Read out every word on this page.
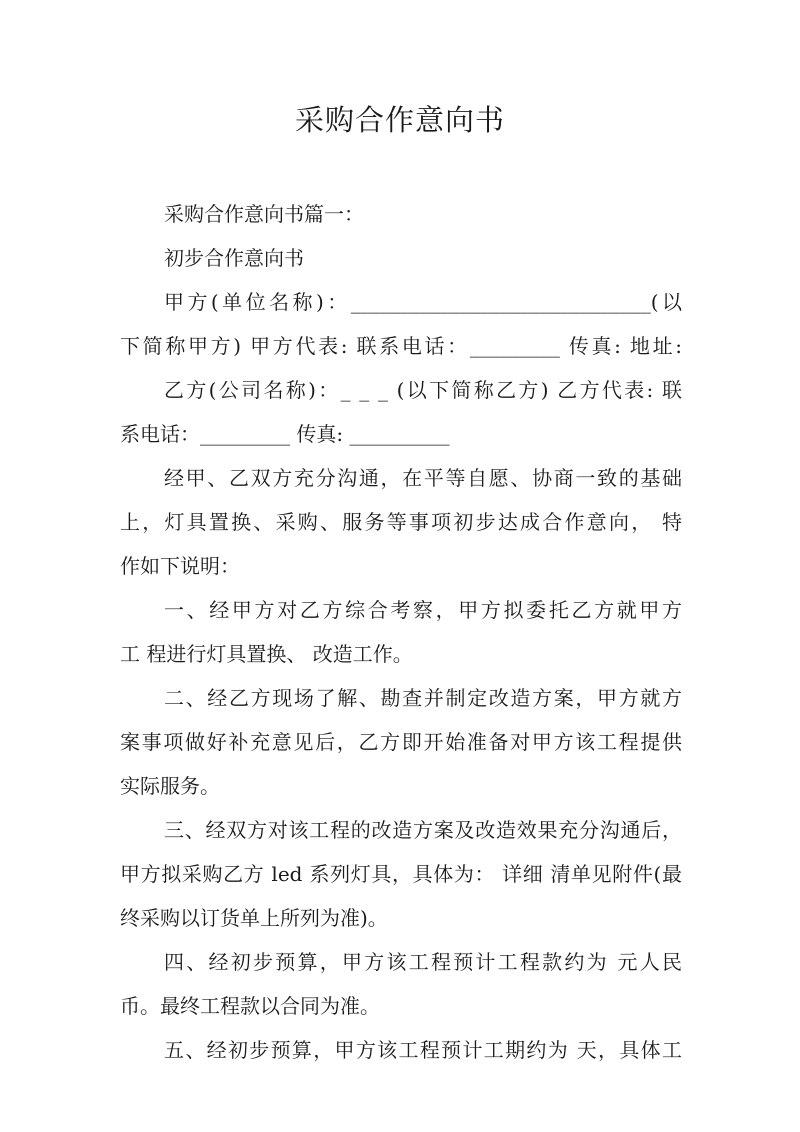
采购合作意向书
采购合作意向书篇一：
初步合作意向书
甲方(单位名称)：______________________________(以
下简称甲方) 甲方代表: 联系电话：_________ 传真: 地址:
乙方(公司名称)：_ _ _ (以下简称乙方) 乙方代表: 联
系电话：_________ 传真: __________
经甲、乙双方充分沟通，在平等自愿、协商一致的基础
上，灯具置换、采购、服务等事项初步达成合作意向， 特
作如下说明：
一、经甲方对乙方综合考察，甲方拟委托乙方就甲方
工 程进行灯具置换、 改造工作。
二、经乙方现场了解、勘查并制定改造方案，甲方就方
案事项做好补充意见后，乙方即开始准备对甲方该工程提供
实际服务。
三、经双方对该工程的改造方案及改造效果充分沟通后，
甲方拟采购乙方 led 系列灯具，具体为： 详细 清单见附件(最
终采购以订货单上所列为准)。
四、经初步预算，甲方该工程预计工程款约为 元人民
币。最终工程款以合同为准。
五、经初步预算，甲方该工程预计工期约为 天，具体工
